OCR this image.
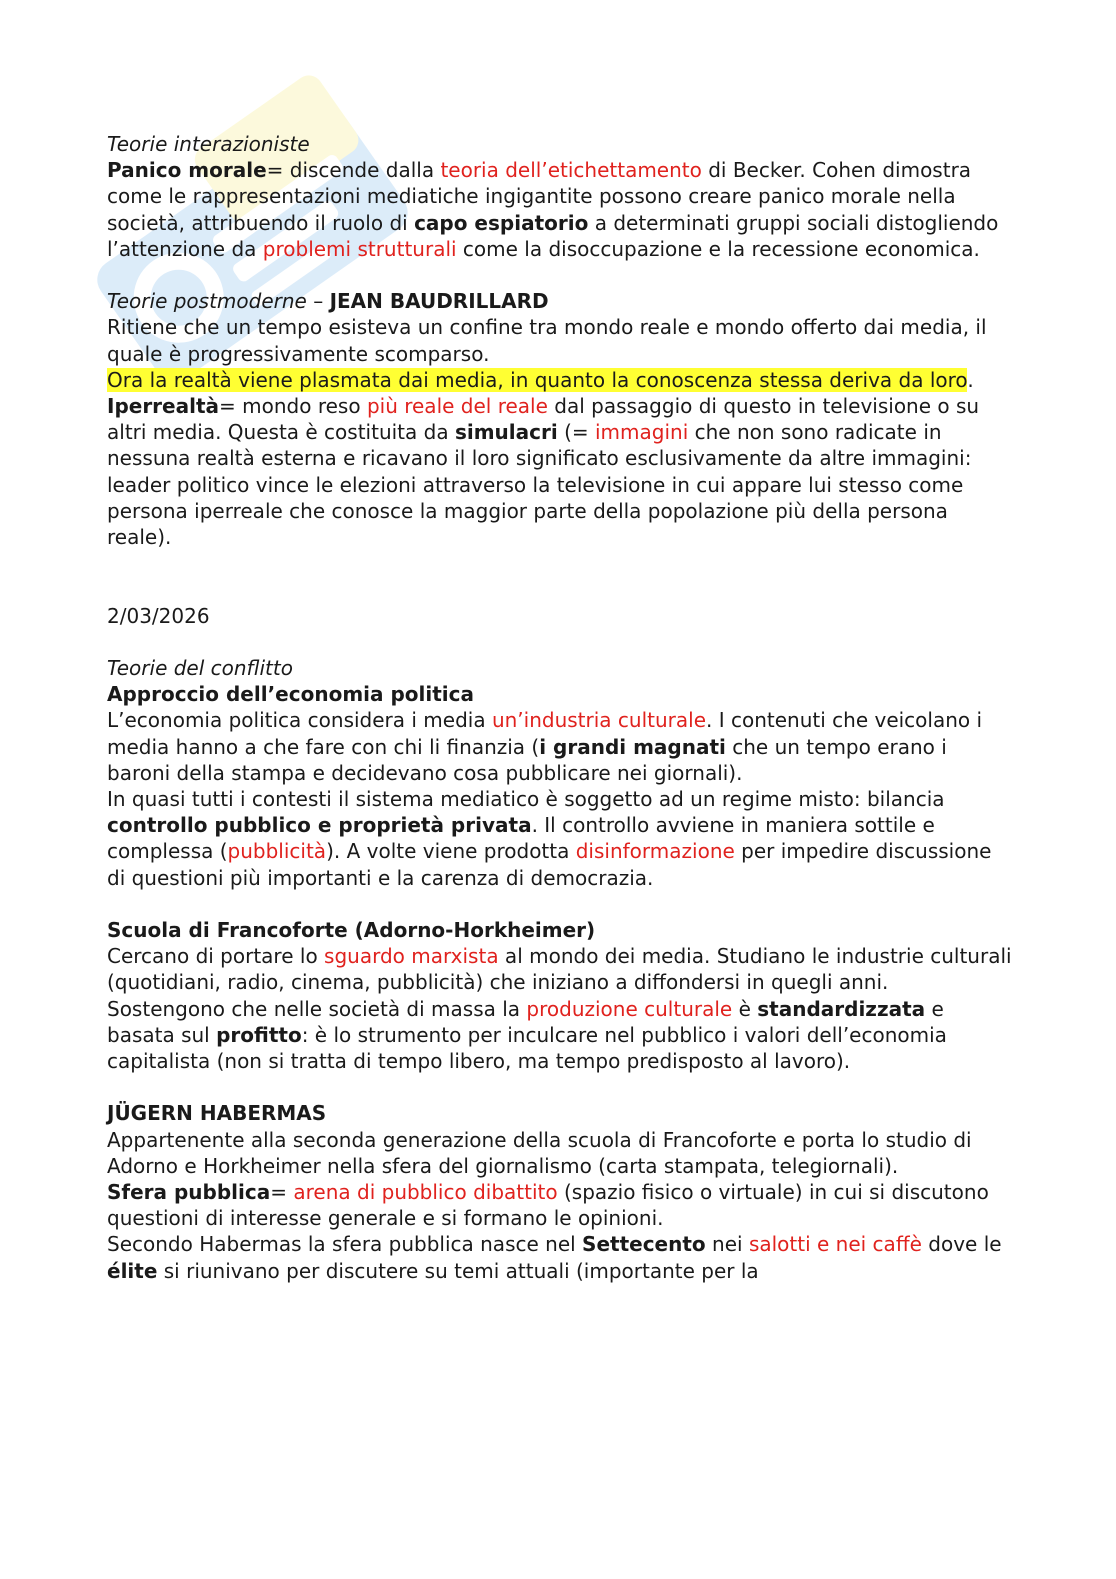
Teorie interazioniste

Panico morale= discende dalla teoria dell’etichettamento di Becker. Cohen dimostra come le rappresentazioni mediatiche ingigantite possono creare panico morale nella società, attribuendo il ruolo di capo espiatorio a determinati gruppi sociali distogliendo l’attenzione da problemi strutturali come la disoccupazione e la recessione economica.

Teorie postmoderne – JEAN BAUDRILLARD

Ritiene che un tempo esisteva un confine tra mondo reale e mondo offerto dai media, il quale è progressivamente scomparso.

Ora la realtà viene plasmata dai media, in quanto la conoscenza stessa deriva da loro.

Iperrealtà= mondo reso più reale del reale dal passaggio di questo in televisione o su altri media. Questa è costituita da simulacri (= immagini che non sono radicate in nessuna realtà esterna e ricavano il loro significato esclusivamente da altre immagini: leader politico vince le elezioni attraverso la televisione in cui appare lui stesso come persona iperreale che conosce la maggior parte della popolazione più della persona reale).

2/03/2026

Teorie del conflitto

Approccio dell’economia politica

L’economia politica considera i media un’industria culturale. I contenuti che veicolano i media hanno a che fare con chi li finanzia (i grandi magnati che un tempo erano i baroni della stampa e decidevano cosa pubblicare nei giornali).

In quasi tutti i contesti il sistema mediatico è soggetto ad un regime misto: bilancia controllo pubblico e proprietà privata. Il controllo avviene in maniera sottile e complessa (pubblicità). A volte viene prodotta disinformazione per impedire discussione di questioni più importanti e la carenza di democrazia.

Scuola di Francoforte (Adorno-Horkheimer)

Cercano di portare lo sguardo marxista al mondo dei media. Studiano le industrie culturali (quotidiani, radio, cinema, pubblicità) che iniziano a diffondersi in quegli anni.

Sostengono che nelle società di massa la produzione culturale è standardizzata e basata sul profitto: è lo strumento per inculcare nel pubblico i valori dell’economia capitalista (non si tratta di tempo libero, ma tempo predisposto al lavoro).

JÜGERN HABERMAS

Appartenente alla seconda generazione della scuola di Francoforte e porta lo studio di Adorno e Horkheimer nella sfera del giornalismo (carta stampata, telegiornali).

Sfera pubblica= arena di pubblico dibattito (spazio fisico o virtuale) in cui si discutono questioni di interesse generale e si formano le opinioni.

Secondo Habermas la sfera pubblica nasce nel Settecento nei salotti e nei caffè dove le élite si riunivano per discutere su temi attuali (importante per la
